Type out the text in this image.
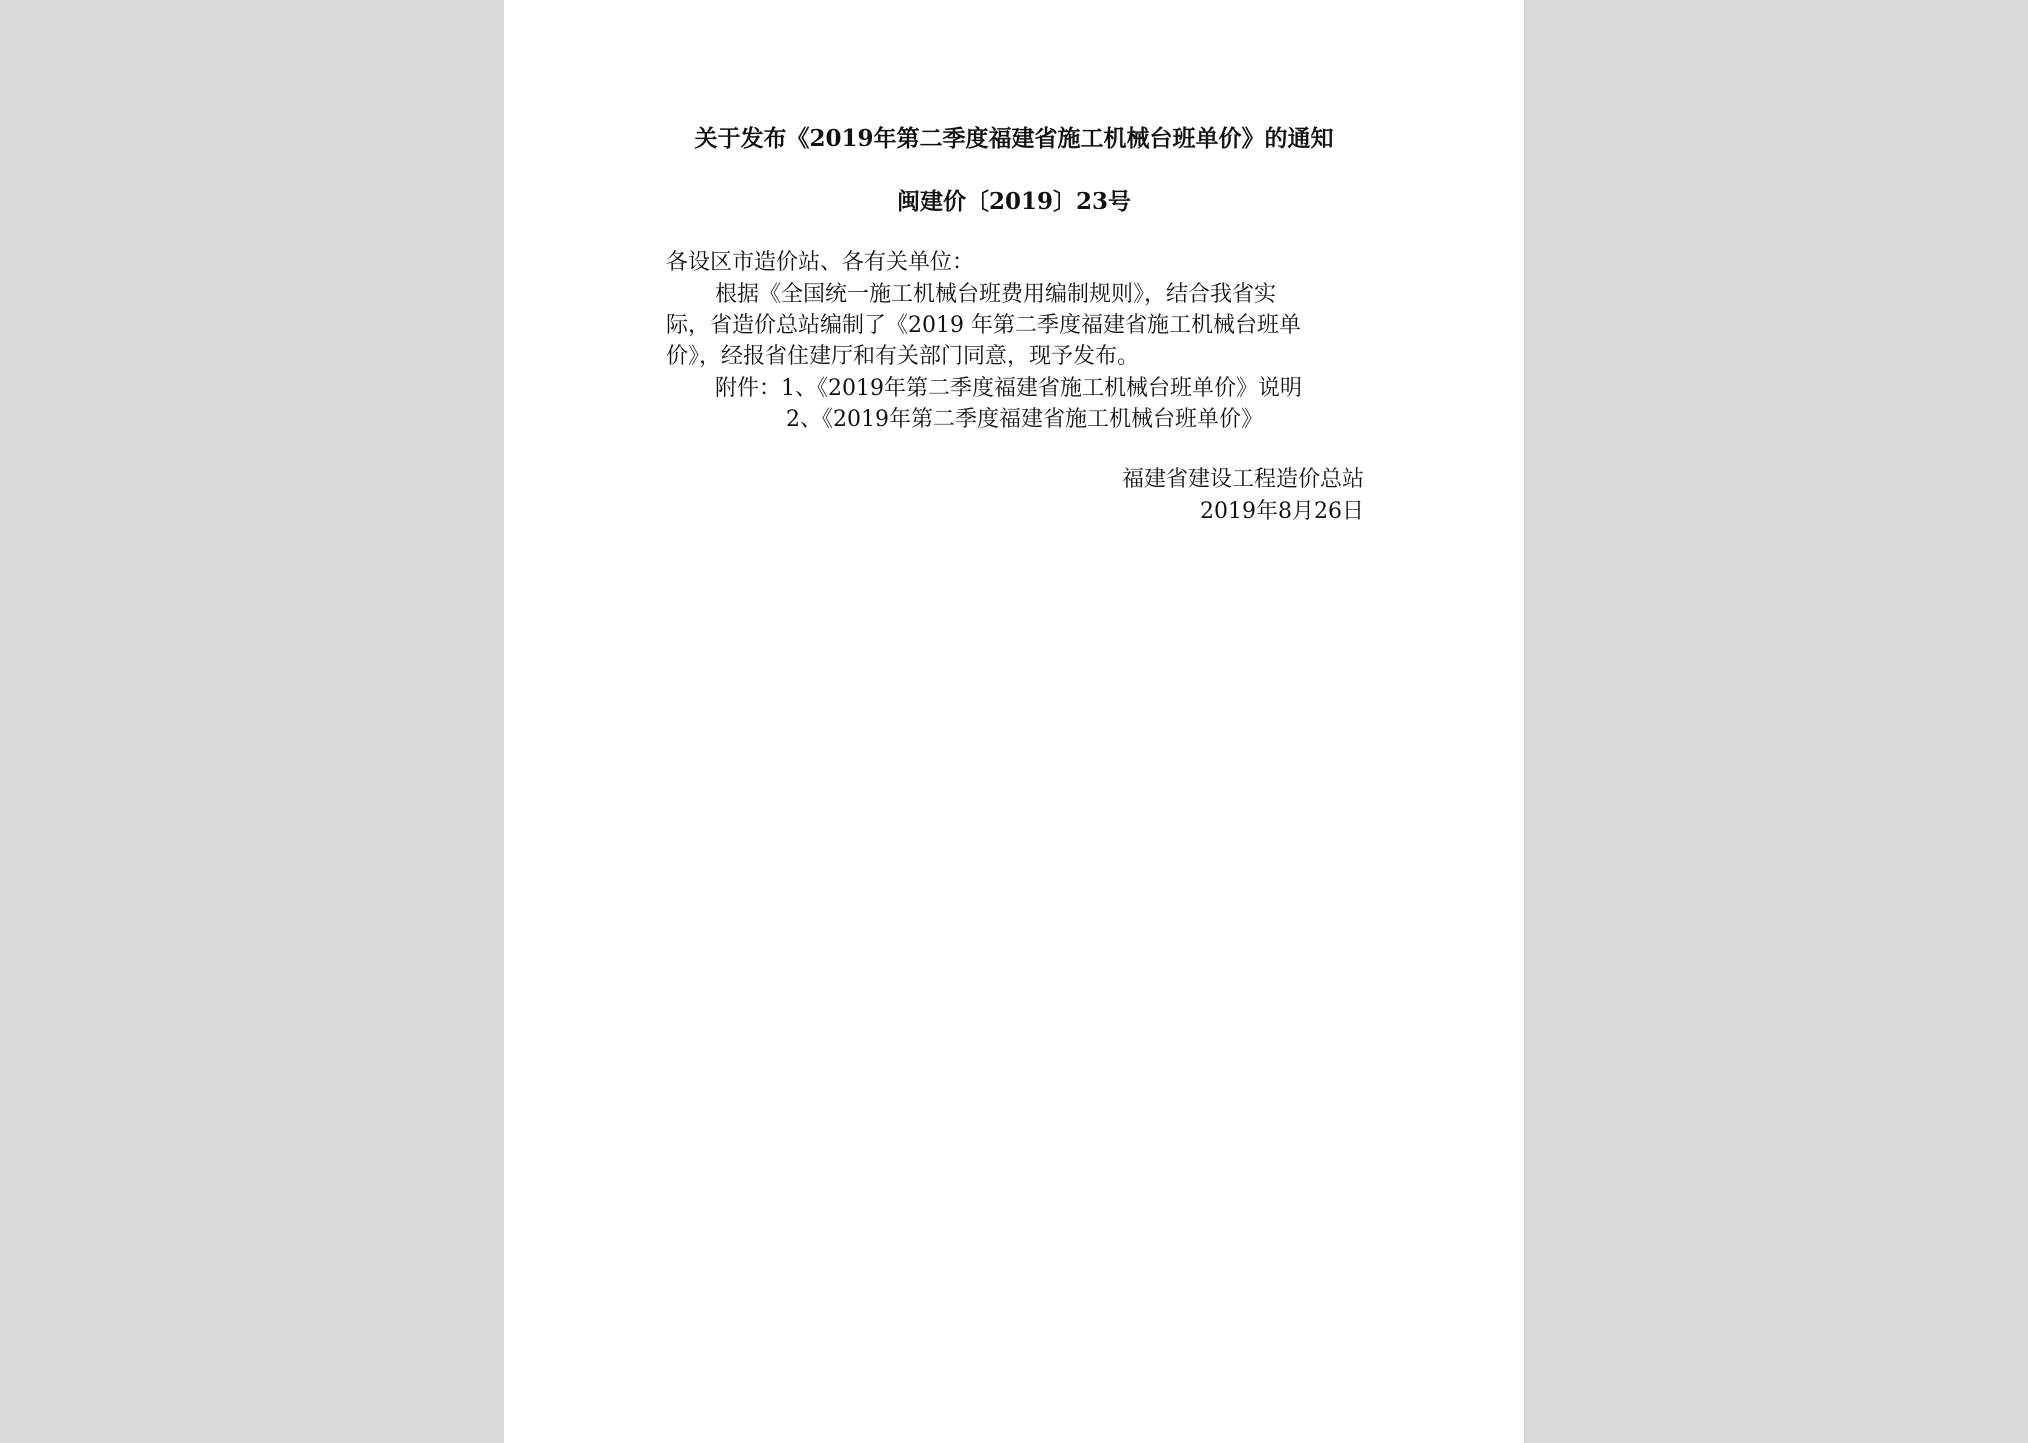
关于发布《2019年第二季度福建省施工机械台班单价》的通知
闽建价〔2019〕23号
各设区市造价站、各有关单位：
根据《全国统一施工机械台班费用编制规则》，结合我省实
际，省造价总站编制了《2019 年第二季度福建省施工机械台班单
价》，经报省住建厅和有关部门同意，现予发布。
附件：1、《2019年第二季度福建省施工机械台班单价》说明
2、《2019年第二季度福建省施工机械台班单价》
福建省建设工程造价总站
2019年8月26日
